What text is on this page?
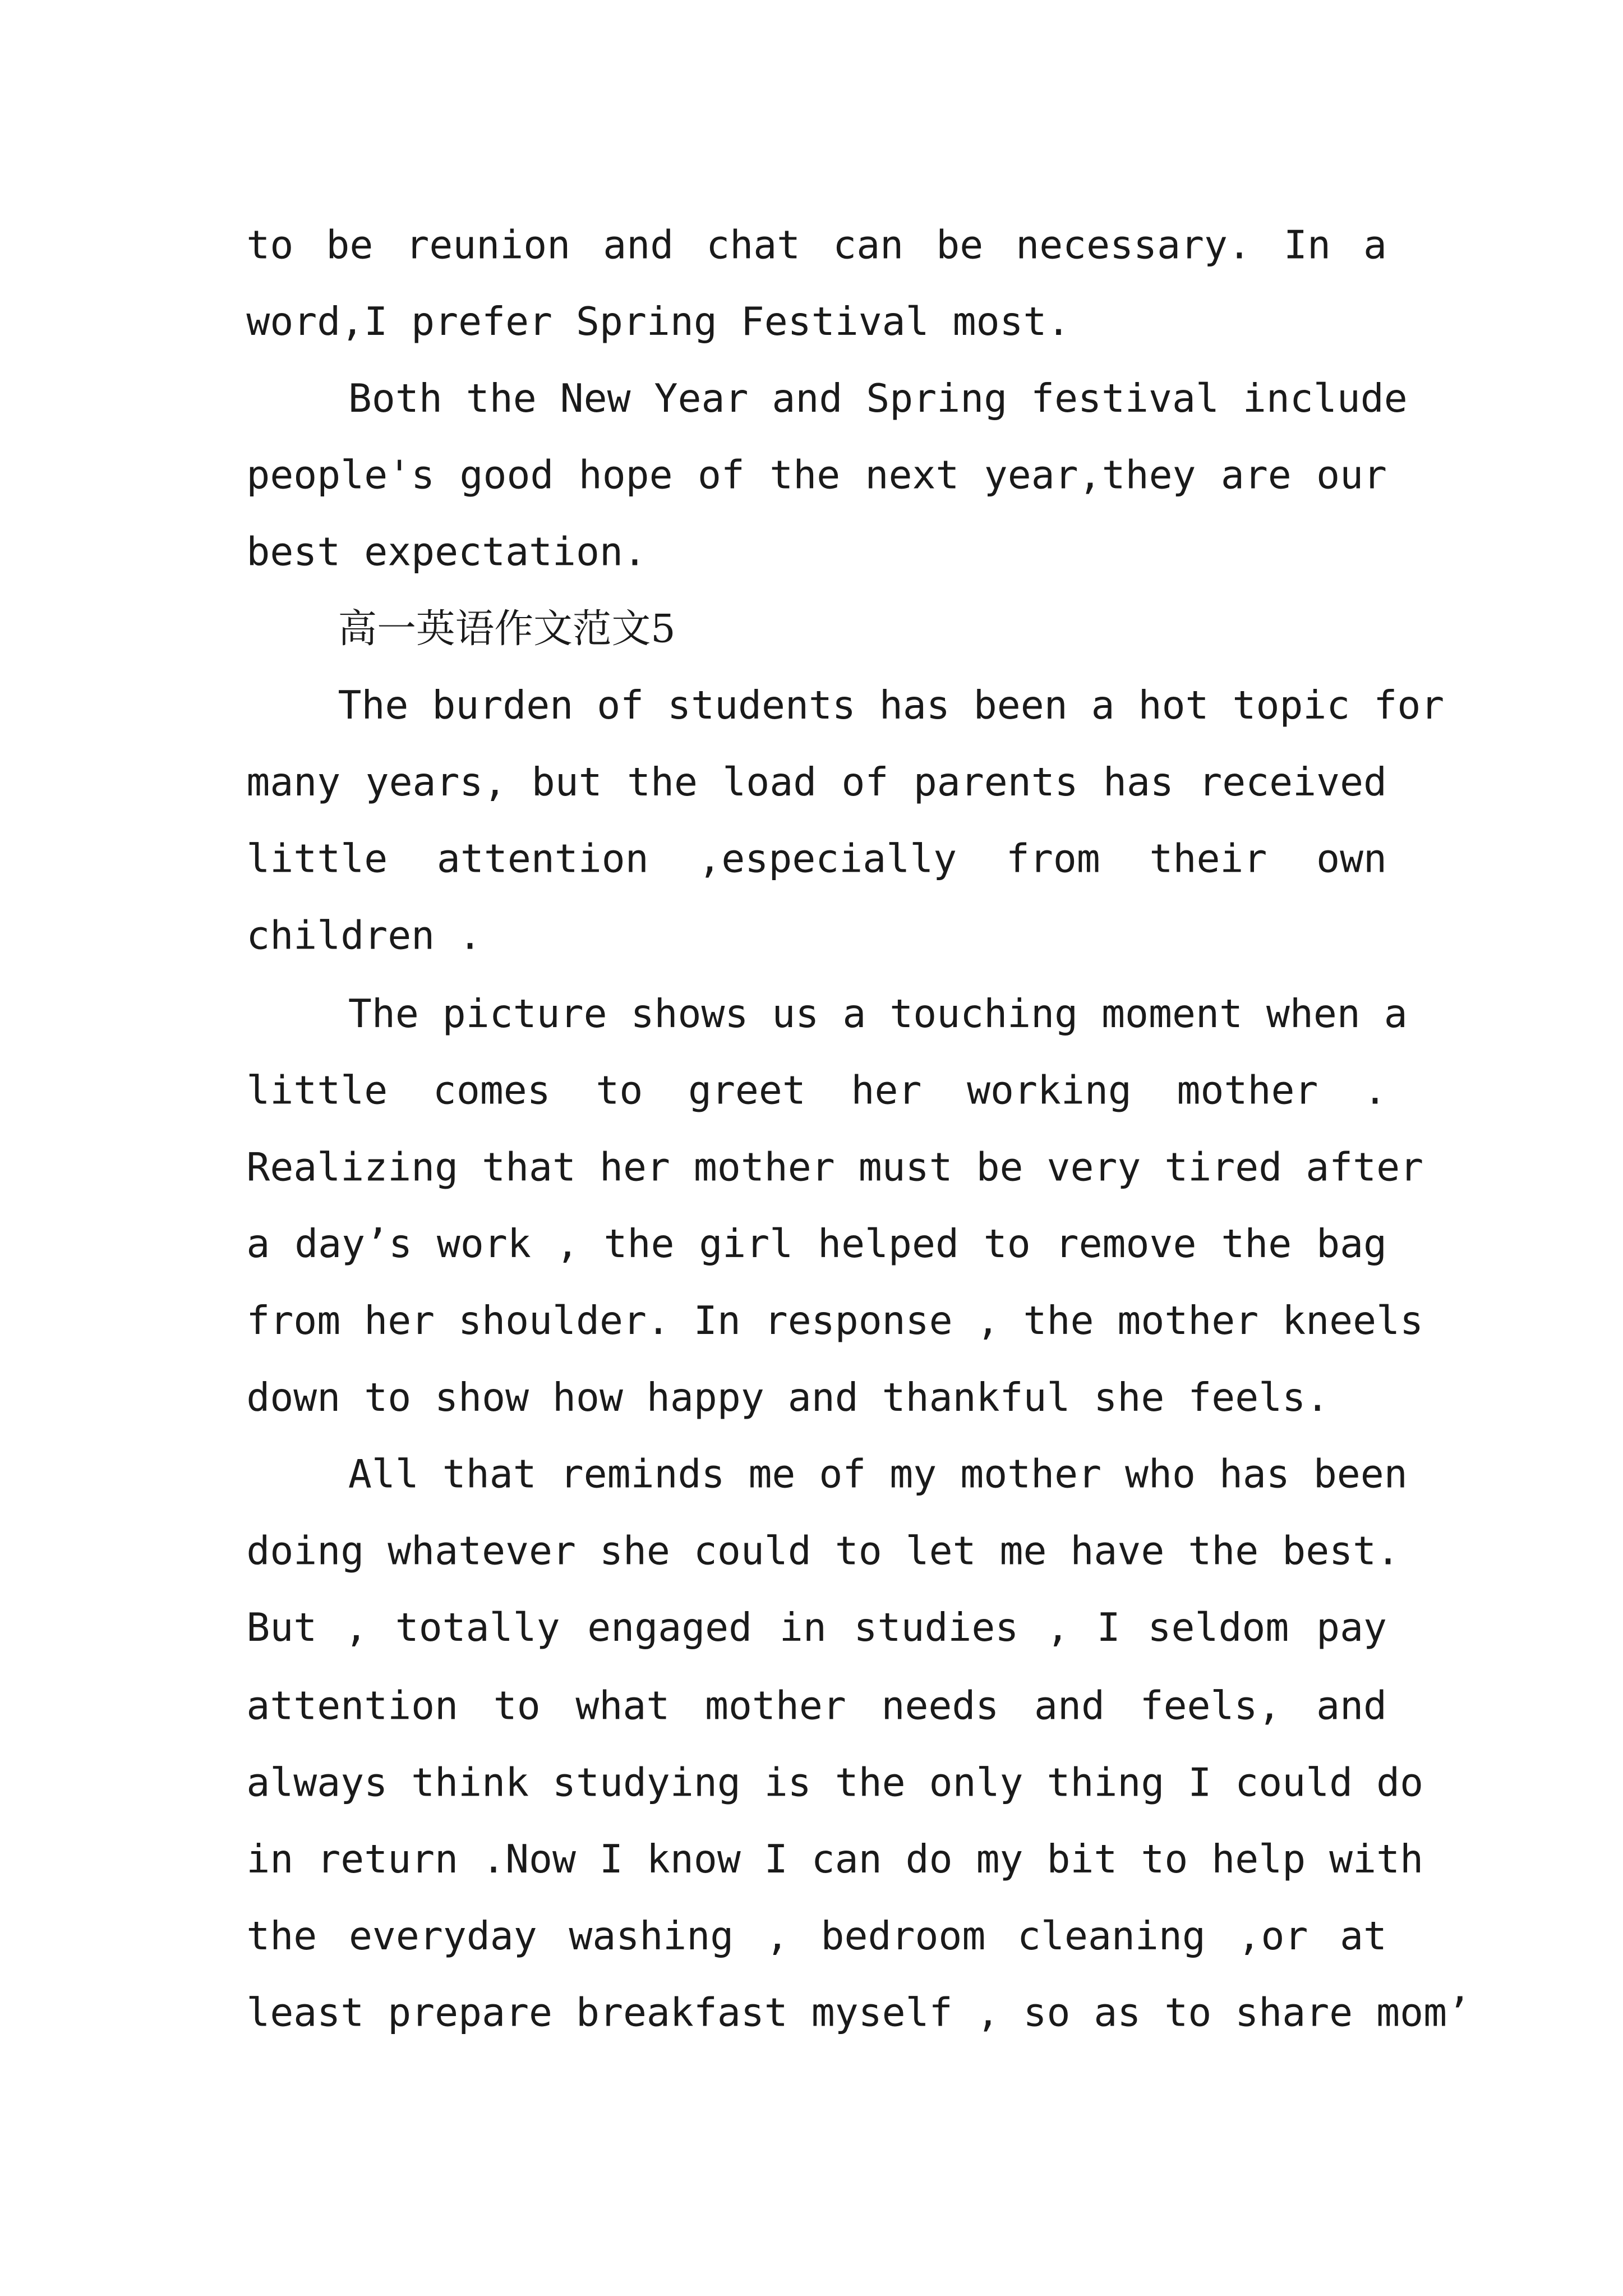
to be reunion and chat can be necessary. In a
word,I prefer Spring Festival most.
Both the New Year and Spring festival include
people's good hope of the next year,they are our
best expectation.
高一英语作文范文5
The burden of students has been a hot topic for
many years, but the load of parents has received
little attention ,especially from their own
children .
The picture shows us a touching moment when a
little comes to greet her working mother .
Realizing that her mother must be very tired after
a day’s work , the girl helped to remove the bag
from her shoulder. In response , the mother kneels
down to show how happy and thankful she feels.
All that reminds me of my mother who has been
doing whatever she could to let me have the best.
But , totally engaged in studies , I seldom pay
attention to what mother needs and feels, and
always think studying is the only thing I could do
in return .Now I know I can do my bit to help with
the everyday washing , bedroom cleaning ,or at
least prepare breakfast myself , so as to share mom’
